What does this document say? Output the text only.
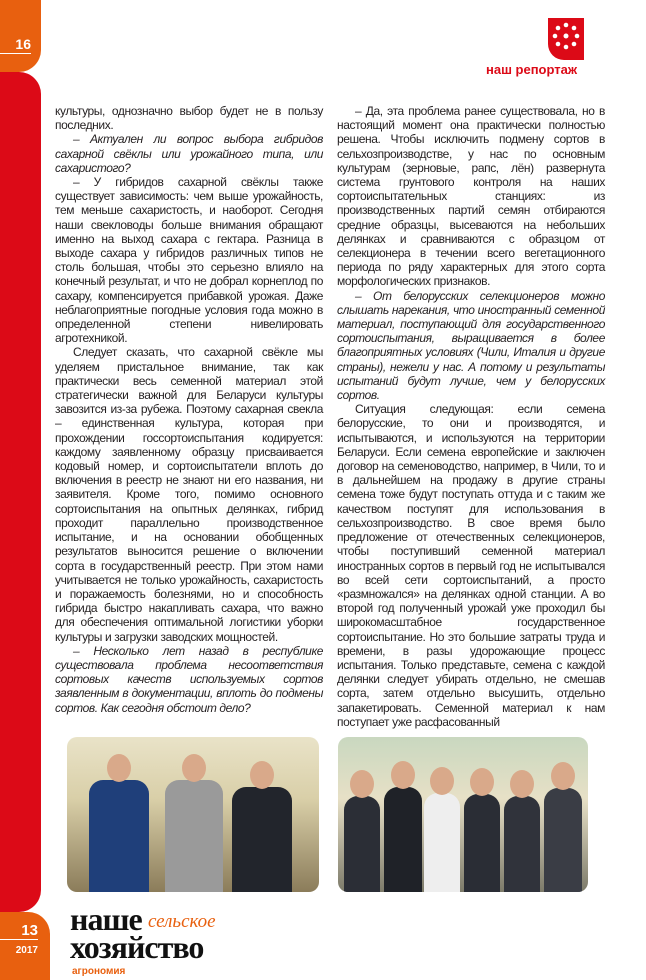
16
наш репортаж

культуры, однозначно выбор будет не в пользу последних.

– Актуален ли вопрос выбора гибридов сахарной свёклы или урожайного типа, или сахаристого?

– У гибридов сахарной свёклы также существует зависимость: чем выше урожайность, тем меньше сахаристость, и наоборот. Сегодня наши свекловоды больше внимания обращают именно на выход сахара с гектара. Разница в выходе сахара у гибридов различных типов не столь большая, чтобы это серьезно влияло на конечный результат, и что не добрал корнеплод по сахару, компенсируется прибавкой урожая. Даже неблагоприятные погодные условия года можно в определенной степени нивелировать агротехникой.

Следует сказать, что сахарной свёкле мы уделяем пристальное внимание, так как практически весь семенной материал этой стратегически важной для Беларуси культуры завозится из-за рубежа. Поэтому сахарная свекла – единственная культура, которая при прохождении госсортоиспытания кодируется: каждому заявленному образцу присваивается кодовый номер, и сортоиспытатели вплоть до включения в реестр не знают ни его названия, ни заявителя. Кроме того, помимо основного сортоиспытания на опытных делянках, гибрид проходит параллельно производственное испытание, и на основании обобщенных результатов выносится решение о включении сорта в государственный реестр. При этом нами учитывается не только урожайность, сахаристость и поражаемость болезнями, но и способность гибрида быстро накапливать сахара, что важно для обеспечения оптимальной логистики уборки культуры и загрузки заводских мощностей.

– Несколько лет назад в республике существовала проблема несоответствия сортовых качеств используемых сортов заявленным в документации, вплоть до подмены сортов. Как сегодня обстоит дело?

– Да, эта проблема ранее существовала, но в настоящий момент она практически полностью решена. Чтобы исключить подмену сортов в сельхозпроизводстве, у нас по основным культурам (зерновые, рапс, лён) развернута система грунтового контроля на наших сортоиспытательных станциях: из производственных партий семян отбираются средние образцы, высеваются на небольших делянках и сравниваются с образцом от селекционера в течении всего вегетационного периода по ряду характерных для этого сорта морфологических признаков.

– От белорусских селекционеров можно слышать нарекания, что иностранный семенной материал, поступающий для государственного сортоиспытания, выращивается в более благоприятных условиях (Чили, Италия и другие страны), нежели у нас. А потому и результаты испытаний будут лучше, чем у белорусских сортов.

Ситуация следующая: если семена белорусские, то они и производятся, и испытываются, и используются на территории Беларуси. Если семена европейские и заключен договор на семеноводство, например, в Чили, то и в дальнейшем на продажу в другие страны семена тоже будут поступать оттуда и с таким же качеством поступят для использования в сельхозпроизводство. В свое время было предложение от отечественных селекционеров, чтобы поступивший семенной материал иностранных сортов в первый год не испытывался во всей сети сортоиспытаний, а просто «размножался» на делянках одной станции. А во второй год полученный урожай уже проходил бы широкомасштабное государственное сортоиспытание. Но это большие затраты труда и времени, в разы удорожающие процесс испытания. Только представьте, семена с каждой делянки следует убирать отдельно, не смешав сорта, затем отдельно высушить, отдельно запакетировать. Семенной материал к нам поступает уже расфасованный

13
2017
наше сельское
хозяйство
агрономия
